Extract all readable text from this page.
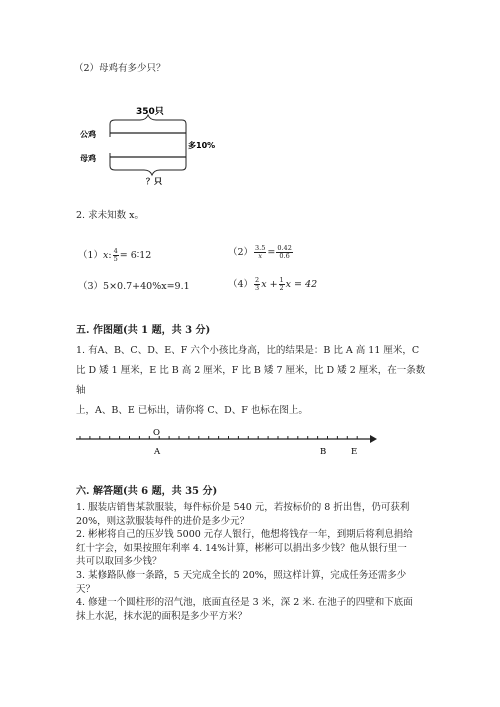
（2）母鸡有多少只？
350只
公鸡
母鸡
多10%
？只
2. 求未知数 x。
（1）x: $\frac{4}{5}$ = 6∶12	$(2) \frac{3.5}{x} = \frac{0.42}{0.6}$
（3）5×0.7+40%x=9.1	$(4) \frac{2}{3}$ $x + \frac{1}{2}$ x = 42
五. 作图题(共 1 题，共 3 分)
1. 有A、B、C、D、E、F 六个小孩比身高，比的结果是：B 比 A 高 11 厘米，C
比 D 矮 1 厘米，E 比 B 高 2 厘米，F 比 B 矮 7 厘米，比 D 矮 2 厘米，在一条数轴
上，A、B、E 已标出，请你将 C、D、F 也标在图上。
O
A	B	E
六. 解答题(共 6 题，共 35 分)
1. 服装店销售某款服装，每件标价是 540 元，若按标价的 8 折出售，仍可获利
20%，则这款服装每件的进价是多少元？
2. 彬彬将自己的压岁钱 5000 元存人银行，他想将钱存一年，到期后将利息捐给
红十字会，如果按照年利率 4. 14%计算，彬彬可以捐出多少钱？他从银行里一
共可以取回多少钱？
3. 某修路队修一条路，5 天完成全长的 20%，照这样计算，完成任务还需多少
天？
4. 修建一个圆柱形的沼气池，底面直径是 3 米，深 2 米. 在池子的四壁和下底面
抹上水泥，抹水泥的面积是多少平方米？
